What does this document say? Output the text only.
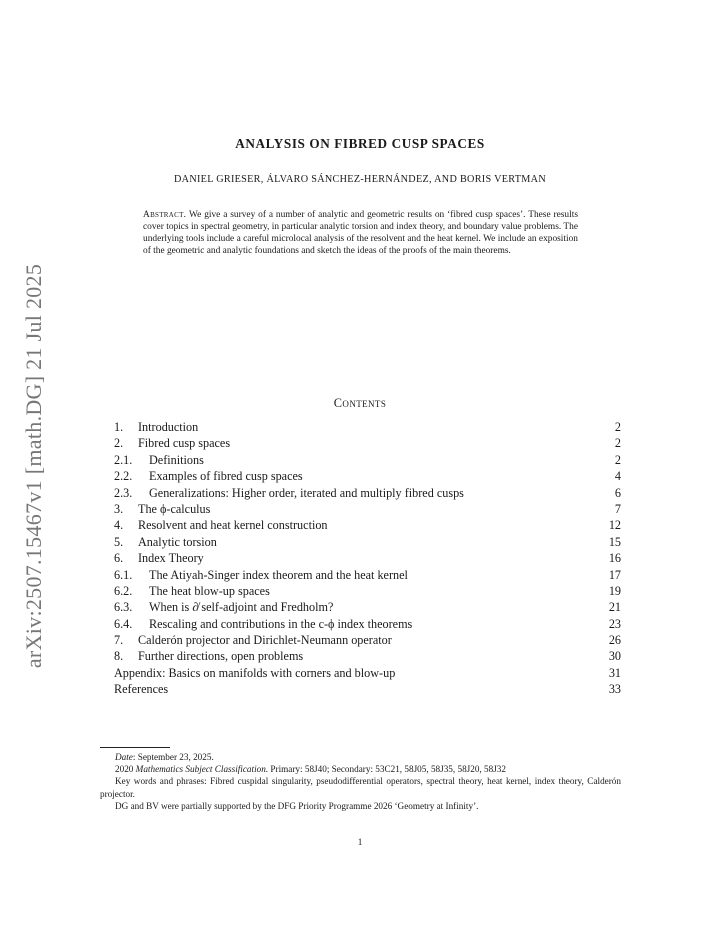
arXiv:2507.15467v1 [math.DG] 21 Jul 2025
ANALYSIS ON FIBRED CUSP SPACES
DANIEL GRIESER, ÁLVARO SÁNCHEZ-HERNÁNDEZ, AND BORIS VERTMAN
Abstract. We give a survey of a number of analytic and geometric results on ‘fibred cusp spaces’. These results cover topics in spectral geometry, in particular analytic torsion and index theory, and boundary value problems. The underlying tools include a careful microlocal analysis of the resolvent and the heat kernel. We include an exposition of the geometric and analytic foundations and sketch the ideas of the proofs of the main theorems.
Contents
1.	Introduction	2
2.	Fibred cusp spaces	2
2.1.	Definitions	2
2.2.	Examples of fibred cusp spaces	4
2.3.	Generalizations: Higher order, iterated and multiply fibred cusps	6
3.	The ϕ-calculus	7
4.	Resolvent and heat kernel construction	12
5.	Analytic torsion	15
6.	Index Theory	16
6.1.	The Atiyah-Singer index theorem and the heat kernel	17
6.2.	The heat blow-up spaces	19
6.3.	When is ∂̸ self-adjoint and Fredholm?	21
6.4.	Rescaling and contributions in the c-ϕ index theorems	23
7.	Calderón projector and Dirichlet-Neumann operator	26
8.	Further directions, open problems	30
Appendix: Basics on manifolds with corners and blow-up	31
References	33

Date: September 23, 2025.

2020 Mathematics Subject Classification. Primary: 58J40; Secondary: 53C21, 58J05, 58J35, 58J20, 58J32

Key words and phrases: Fibred cuspidal singularity, pseudodifferential operators, spectral theory, heat kernel, index theory, Calderón projector.

DG and BV were partially supported by the DFG Priority Programme 2026 ‘Geometry at Infinity’.

1
